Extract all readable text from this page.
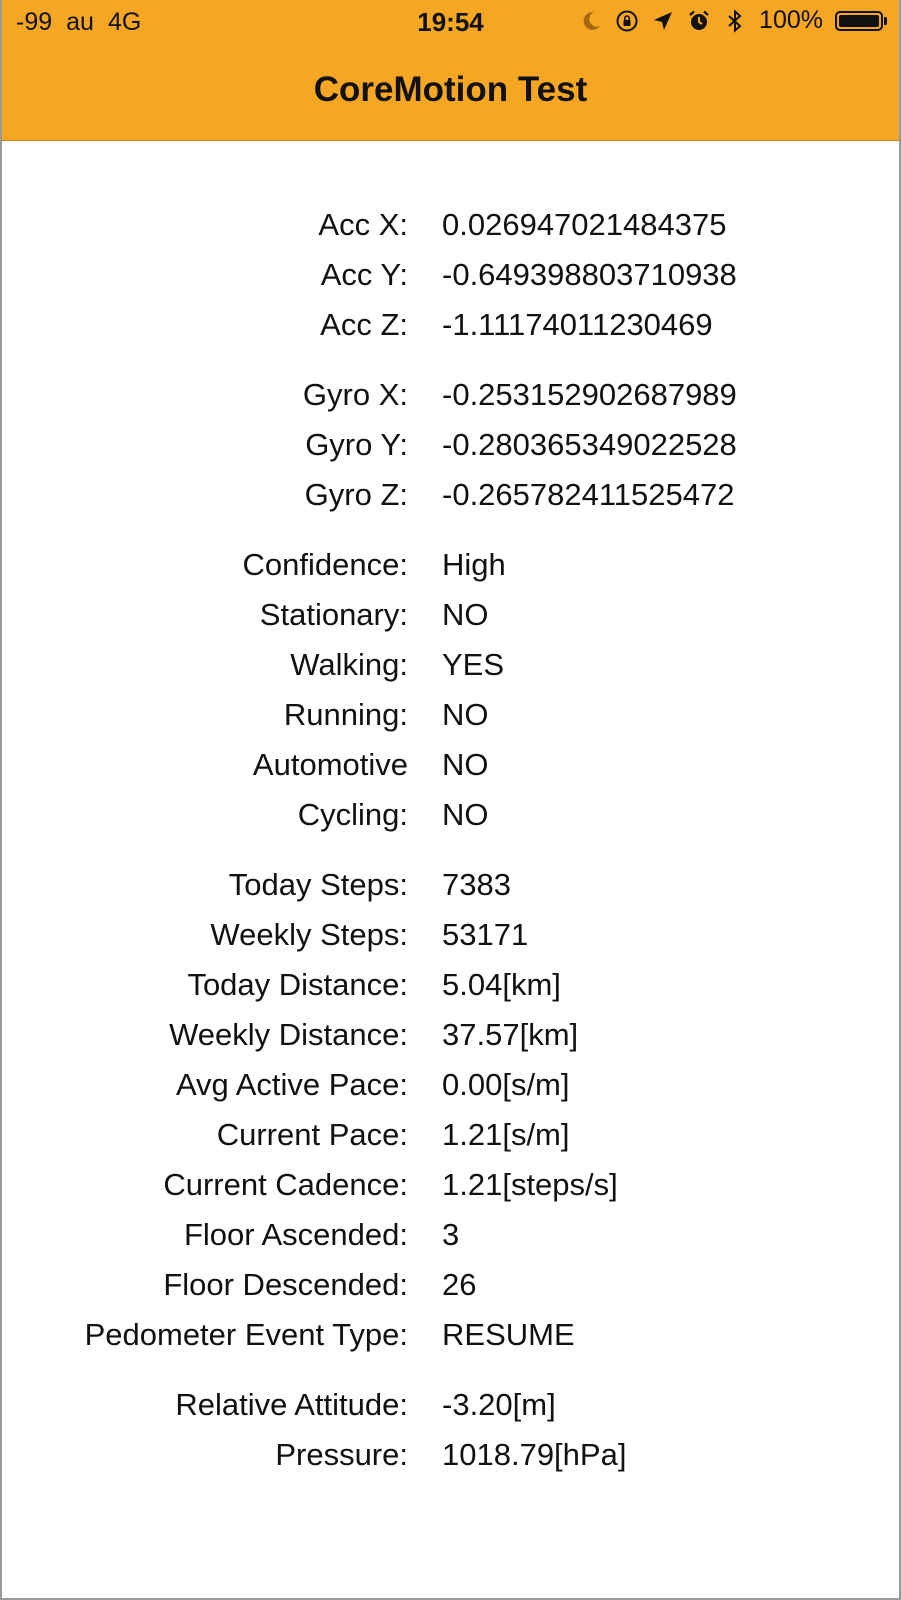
-99 au 4G	19:54	100%
CoreMotion Test
Acc X: 0.026947021484375
Acc Y: -0.649398803710938
Acc Z: -1.11174011230469
Gyro X: -0.253152902687989
Gyro Y: -0.280365349022528
Gyro Z: -0.265782411525472
Confidence: High
Stationary: NO
Walking: YES
Running: NO
Automotive NO
Cycling: NO
Today Steps: 7383
Weekly Steps: 53171
Today Distance: 5.04[km]
Weekly Distance: 37.57[km]
Avg Active Pace: 0.00[s/m]
Current Pace: 1.21[s/m]
Current Cadence: 1.21[steps/s]
Floor Ascended: 3
Floor Descended: 26
Pedometer Event Type: RESUME
Relative Attitude: -3.20[m]
Pressure: 1018.79[hPa]
